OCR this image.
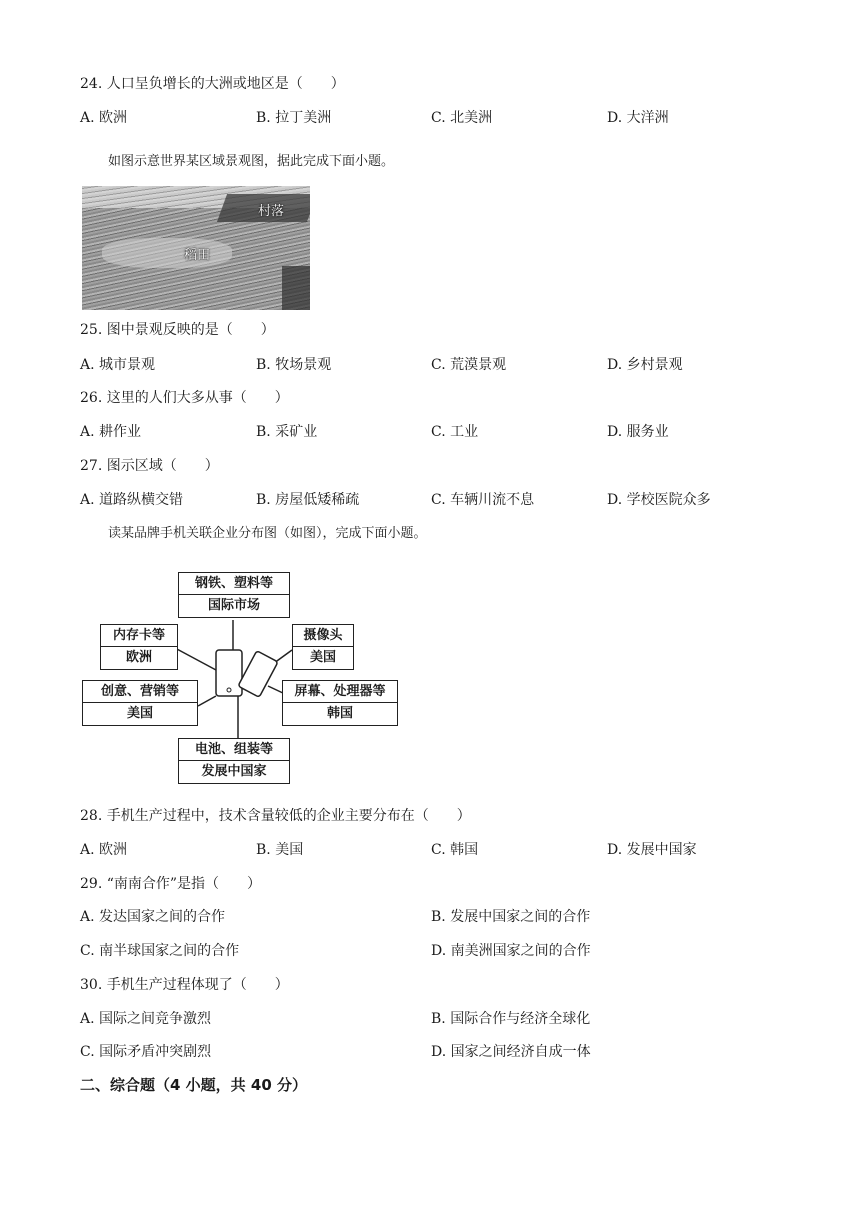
24. 人口呈负增长的大洲或地区是（　　）
A. 欧洲	B. 拉丁美洲	C. 北美洲	D. 大洋洲
如图示意世界某区域景观图，据此完成下面小题。
村落
稻田
25. 图中景观反映的是（　　）
A. 城市景观	B. 牧场景观	C. 荒漠景观	D. 乡村景观
26. 这里的人们大多从事（　　）
A. 耕作业	B. 采矿业	C. 工业	D. 服务业
27. 图示区域（　　）
A. 道路纵横交错	B. 房屋低矮稀疏	C. 车辆川流不息	D. 学校医院众多
读某品牌手机关联企业分布图（如图），完成下面小题。
钢铁、塑料等
国际市场
内存卡等
欧洲
摄像头
美国
创意、营销等
美国
屏幕、处理器等
韩国
电池、组装等
发展中国家
28. 手机生产过程中，技术含量较低的企业主要分布在（　　）
A. 欧洲	B. 美国	C. 韩国	D. 发展中国家
29. “南南合作”是指（　　）
A. 发达国家之间的合作	B. 发展中国家之间的合作
C. 南半球国家之间的合作	D. 南美洲国家之间的合作
30. 手机生产过程体现了（　　）
A. 国际之间竞争激烈	B. 国际合作与经济全球化
C. 国际矛盾冲突剧烈	D. 国家之间经济自成一体
二、综合题（4 小题，共 40 分）
